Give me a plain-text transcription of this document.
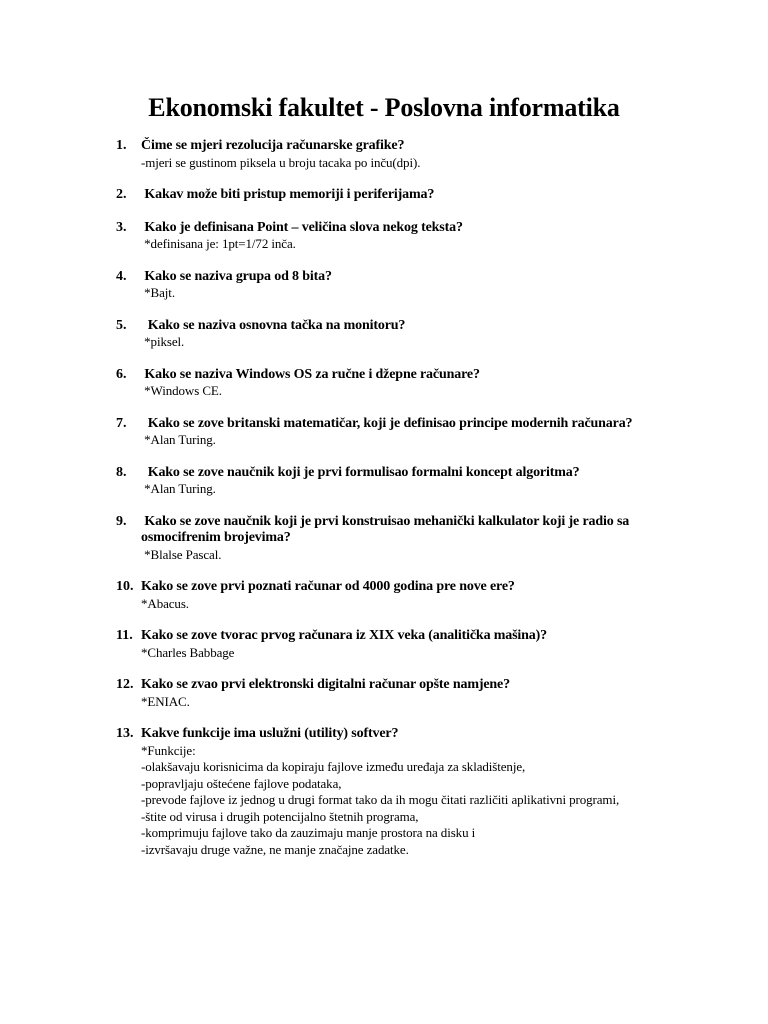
Ekonomski fakultet - Poslovna informatika
1.	Čime se mjeri rezolucija računarske grafike?

-mjeri se gustinom piksela u broju tacaka po inču(dpi).

2.	Kakav može biti pristup memoriji i periferijama?

3.	Kako je definisana Point – veličina slova nekog teksta?

*definisana je: 1pt=1/72 inča.

4.	Kako se naziva grupa od 8 bita?

*Bajt.

5.	Kako se naziva osnovna tačka na monitoru?

*piksel.

6.	Kako se naziva Windows OS za ručne i džepne računare?

*Windows CE.

7.	Kako se zove britanski matematičar, koji je definisao principe modernih računara?

*Alan Turing.

8.	Kako se zove naučnik koji je prvi formulisao formalni koncept algoritma?

*Alan Turing.

9.	Kako se zove naučnik koji je prvi konstruisao mehanički kalkulator koji je radio sa osmocifrenim brojevima?

*Blalse Pascal.

10. Kako se zove prvi poznati računar od 4000 godina pre nove ere?

*Abacus.

11. Kako se zove tvorac prvog računara iz XIX veka (analitička mašina)?

*Charles Babbage

12. Kako se zvao prvi elektronski digitalni računar opšte namjene?

*ENIAC.

13. Kakve funkcije ima uslužni (utility) softver?

*Funkcije:

-olakšavaju korisnicima da kopiraju fajlove između uređaja za skladištenje,

-popravljaju oštećene fajlove podataka,

-prevode fajlove iz jednog u drugi format tako da ih mogu čitati različiti aplikativni programi,

-štite od virusa i drugih potencijalno štetnih programa,

-komprimuju fajlove tako da zauzimaju manje prostora na disku i

-izvršavaju druge važne, ne manje značajne zadatke.
